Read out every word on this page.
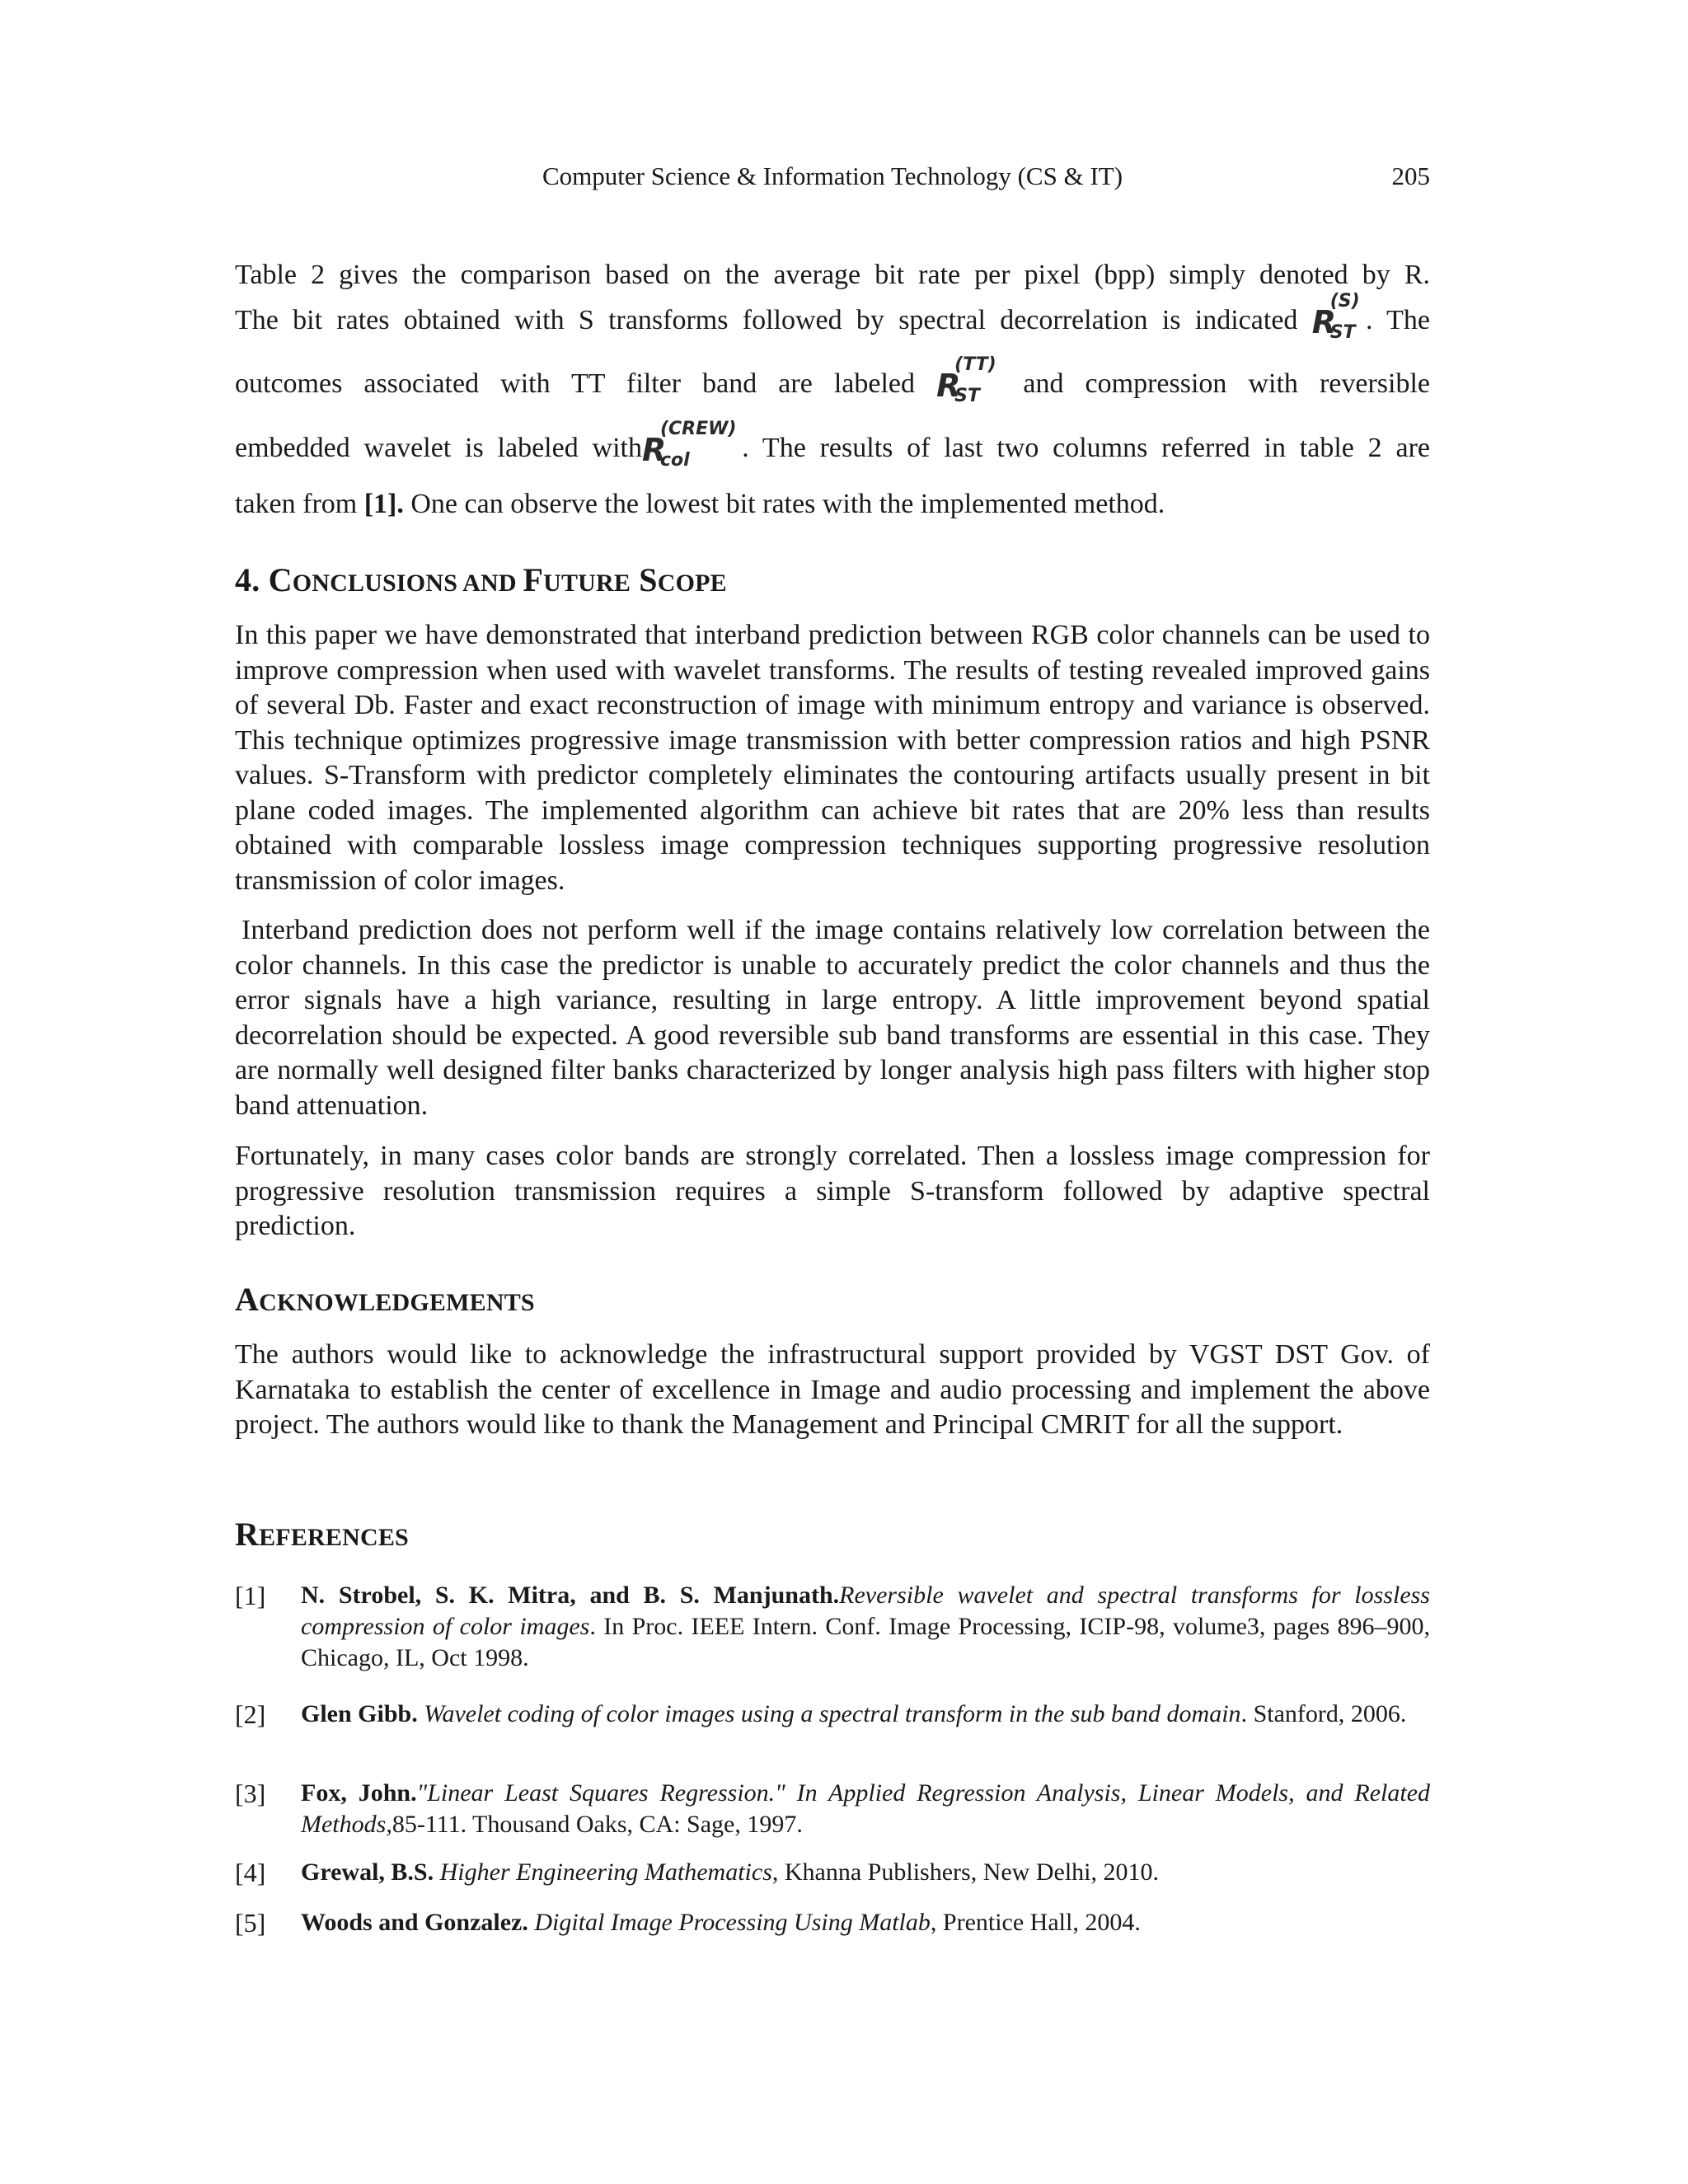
Computer Science & Information Technology (CS & IT)	205
Table 2 gives the comparison based on the average bit rate per pixel (bpp) simply denoted by R.
The bit rates obtained with S transforms followed by spectral decorrelation is indicated R
(S)
ST . The
outcomes associated with TT filter band are labeled R
(TT)
ST and compression with reversible
embedded wavelet is labeled withR
(CREW)
col . The results of last two columns referred in table 2 are
taken from [1]. One can observe the lowest bit rates with the implemented method.
4. CONCLUSIONS AND FUTURE SCOPE

In this paper we have demonstrated that interband prediction between RGB color channels can be used to improve compression when used with wavelet transforms. The results of testing revealed improved gains of several Db. Faster and exact reconstruction of image with minimum entropy and variance is observed. This technique optimizes progressive image transmission with better compression ratios and high PSNR values. S-Transform with predictor completely eliminates the contouring artifacts usually present in bit plane coded images. The implemented algorithm can achieve bit rates that are 20% less than results obtained with comparable lossless image compression techniques supporting progressive resolution transmission of color images.

Interband prediction does not perform well if the image contains relatively low correlation between the color channels. In this case the predictor is unable to accurately predict the color channels and thus the error signals have a high variance, resulting in large entropy. A little improvement beyond spatial decorrelation should be expected. A good reversible sub band transforms are essential in this case. They are normally well designed filter banks characterized by longer analysis high pass filters with higher stop band attenuation.

Fortunately, in many cases color bands are strongly correlated. Then a lossless image compression for progressive resolution transmission requires a simple S-transform followed by adaptive spectral prediction.

ACKNOWLEDGEMENTS

The authors would like to acknowledge the infrastructural support provided by VGST DST Gov. of Karnataka to establish the center of excellence in Image and audio processing and implement the above project. The authors would like to thank the Management and Principal CMRIT for all the support.

REFERENCES
[1] N. Strobel, S. K. Mitra, and B. S. Manjunath.Reversible wavelet and spectral transforms for lossless compression of color images. In Proc. IEEE Intern. Conf. Image Processing, ICIP-98, volume3, pages 896–900, Chicago, IL, Oct 1998.

[2] Glen Gibb. Wavelet coding of color images using a spectral transform in the sub band domain. Stanford, 2006.

[3] Fox, John."Linear Least Squares Regression." In Applied Regression Analysis, Linear Models, and Related Methods,85-111. Thousand Oaks, CA: Sage, 1997.

[4] Grewal, B.S. Higher Engineering Mathematics, Khanna Publishers, New Delhi, 2010.

[5] Woods and Gonzalez. Digital Image Processing Using Matlab, Prentice Hall, 2004.
